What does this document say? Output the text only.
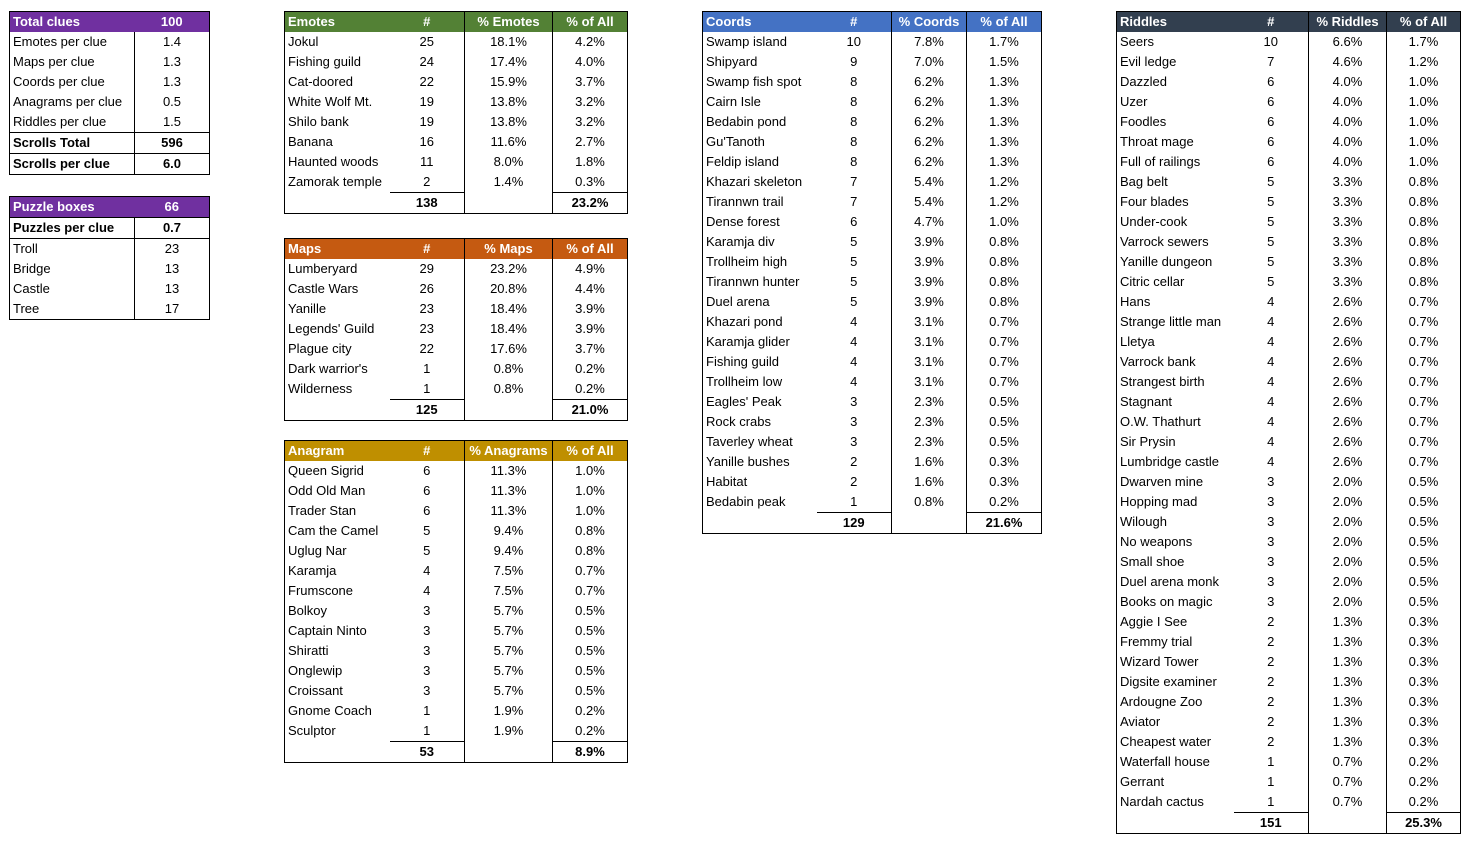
Total clues	100
Emotes per clue	1.4
Maps per clue	1.3
Coords per clue	1.3
Anagrams per clue	0.5
Riddles per clue	1.5
Scrolls Total	596
Scrolls per clue	6.0
Puzzle boxes	66
Puzzles per clue	0.7
Troll	23
Bridge	13
Castle	13
Tree	17
Emotes	#	% Emotes	% of All
Jokul	25	18.1%	4.2%
Fishing guild	24	17.4%	4.0%
Cat-doored	22	15.9%	3.7%
White Wolf Mt.	19	13.8%	3.2%
Shilo bank	19	13.8%	3.2%
Banana	16	11.6%	2.7%
Haunted woods	11	8.0%	1.8%
Zamorak temple	2	1.4%	0.3%
	138		23.2%
Maps	#	% Maps	% of All
Lumberyard	29	23.2%	4.9%
Castle Wars	26	20.8%	4.4%
Yanille	23	18.4%	3.9%
Legends' Guild	23	18.4%	3.9%
Plague city	22	17.6%	3.7%
Dark warrior's	1	0.8%	0.2%
Wilderness	1	0.8%	0.2%
	125		21.0%
Anagram	#	% Anagrams	% of All
Queen Sigrid	6	11.3%	1.0%
Odd Old Man	6	11.3%	1.0%
Trader Stan	6	11.3%	1.0%
Cam the Camel	5	9.4%	0.8%
Uglug Nar	5	9.4%	0.8%
Karamja	4	7.5%	0.7%
Frumscone	4	7.5%	0.7%
Bolkoy	3	5.7%	0.5%
Captain Ninto	3	5.7%	0.5%
Shiratti	3	5.7%	0.5%
Onglewip	3	5.7%	0.5%
Croissant	3	5.7%	0.5%
Gnome Coach	1	1.9%	0.2%
Sculptor	1	1.9%	0.2%
	53		8.9%
Coords	#	% Coords	% of All
Swamp island	10	7.8%	1.7%
Shipyard	9	7.0%	1.5%
Swamp fish spot	8	6.2%	1.3%
Cairn Isle	8	6.2%	1.3%
Bedabin pond	8	6.2%	1.3%
Gu'Tanoth	8	6.2%	1.3%
Feldip island	8	6.2%	1.3%
Khazari skeleton	7	5.4%	1.2%
Tirannwn trail	7	5.4%	1.2%
Dense forest	6	4.7%	1.0%
Karamja div	5	3.9%	0.8%
Trollheim high	5	3.9%	0.8%
Tirannwn hunter	5	3.9%	0.8%
Duel arena	5	3.9%	0.8%
Khazari pond	4	3.1%	0.7%
Karamja glider	4	3.1%	0.7%
Fishing guild	4	3.1%	0.7%
Trollheim low	4	3.1%	0.7%
Eagles' Peak	3	2.3%	0.5%
Rock crabs	3	2.3%	0.5%
Taverley wheat	3	2.3%	0.5%
Yanille bushes	2	1.6%	0.3%
Habitat	2	1.6%	0.3%
Bedabin peak	1	0.8%	0.2%
	129		21.6%
Riddles	#	% Riddles	% of All
Seers	10	6.6%	1.7%
Evil ledge	7	4.6%	1.2%
Dazzled	6	4.0%	1.0%
Uzer	6	4.0%	1.0%
Foodles	6	4.0%	1.0%
Throat mage	6	4.0%	1.0%
Full of railings	6	4.0%	1.0%
Bag belt	5	3.3%	0.8%
Four blades	5	3.3%	0.8%
Under-cook	5	3.3%	0.8%
Varrock sewers	5	3.3%	0.8%
Yanille dungeon	5	3.3%	0.8%
Citric cellar	5	3.3%	0.8%
Hans	4	2.6%	0.7%
Strange little man	4	2.6%	0.7%
Lletya	4	2.6%	0.7%
Varrock bank	4	2.6%	0.7%
Strangest birth	4	2.6%	0.7%
Stagnant	4	2.6%	0.7%
O.W. Thathurt	4	2.6%	0.7%
Sir Prysin	4	2.6%	0.7%
Lumbridge castle	4	2.6%	0.7%
Dwarven mine	3	2.0%	0.5%
Hopping mad	3	2.0%	0.5%
Wilough	3	2.0%	0.5%
No weapons	3	2.0%	0.5%
Small shoe	3	2.0%	0.5%
Duel arena monk	3	2.0%	0.5%
Books on magic	3	2.0%	0.5%
Aggie I See	2	1.3%	0.3%
Fremmy trial	2	1.3%	0.3%
Wizard Tower	2	1.3%	0.3%
Digsite examiner	2	1.3%	0.3%
Ardougne Zoo	2	1.3%	0.3%
Aviator	2	1.3%	0.3%
Cheapest water	2	1.3%	0.3%
Waterfall house	1	0.7%	0.2%
Gerrant	1	0.7%	0.2%
Nardah cactus	1	0.7%	0.2%
	151		25.3%
